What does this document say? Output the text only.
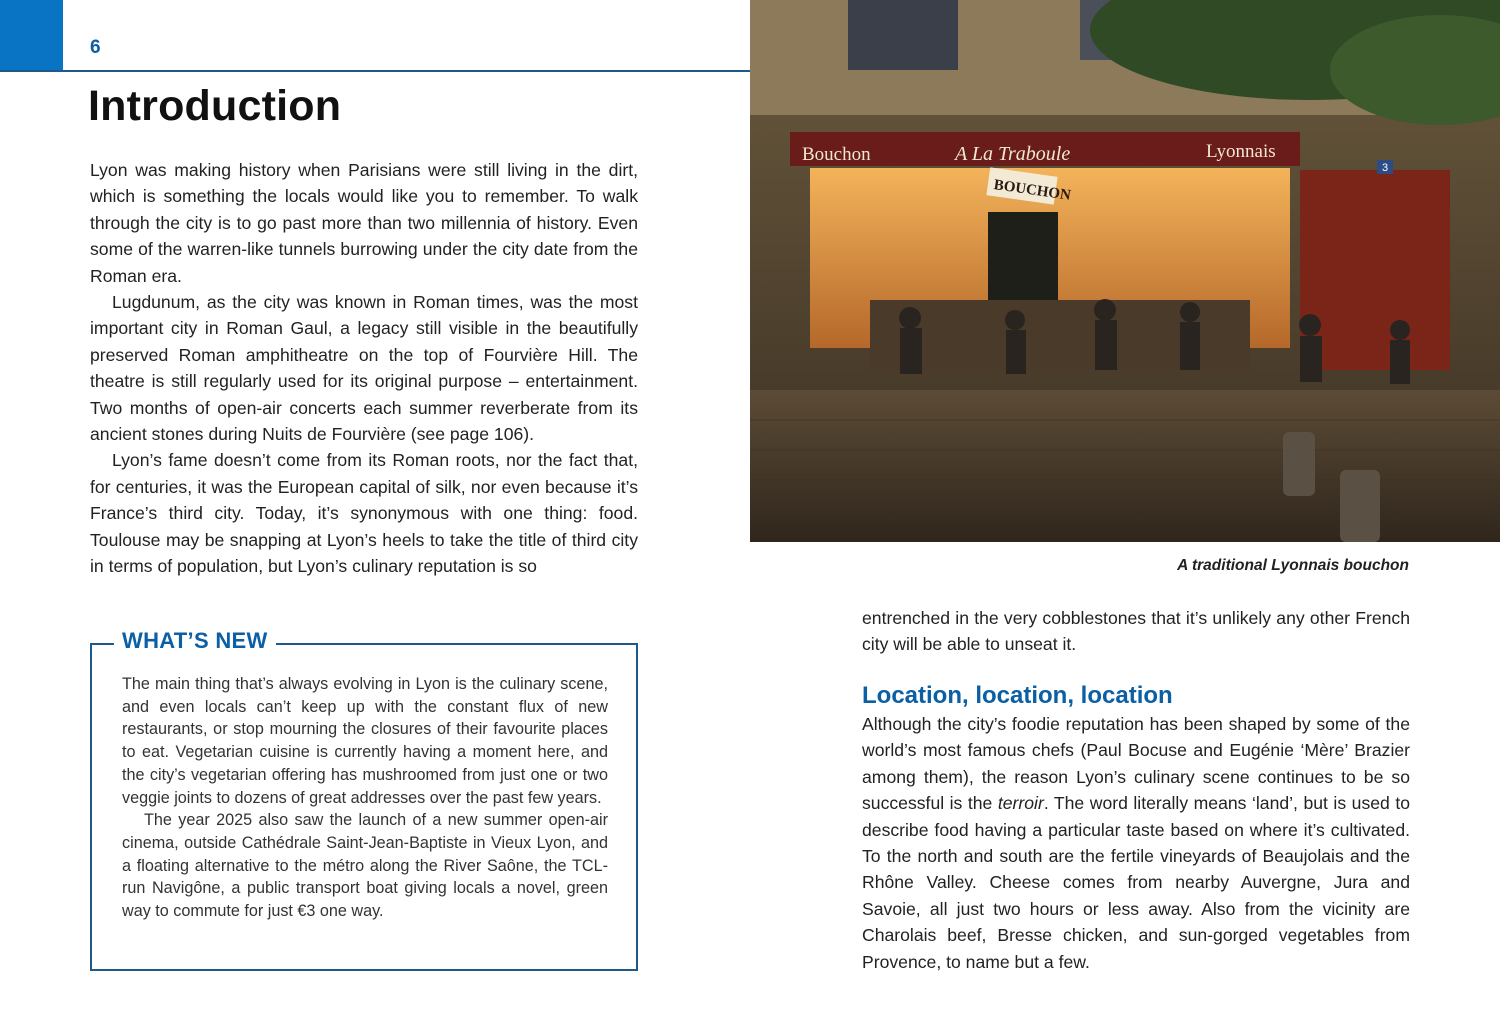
6
Introduction

Lyon was making history when Parisians were still living in the dirt, which is something the locals would like you to remember. To walk through the city is to go past more than two millennia of history. Even some of the warren-like tunnels burrowing under the city date from the Roman era.

Lugdunum, as the city was known in Roman times, was the most important city in Roman Gaul, a legacy still visible in the beautifully preserved Roman amphitheatre on the top of Fourvière Hill. The theatre is still regularly used for its original purpose – entertainment. Two months of open-air concerts each summer reverberate from its ancient stones during Nuits de Fourvière (see page 106).

Lyon’s fame doesn’t come from its Roman roots, nor the fact that, for centuries, it was the European capital of silk, nor even because it’s France’s third city. Today, it’s synonymous with one thing: food. Toulouse may be snapping at Lyon’s heels to take the title of third city in terms of population, but Lyon’s culinary reputation is so

WHAT’S NEW

The main thing that’s always evolving in Lyon is the culinary scene, and even locals can’t keep up with the constant flux of new restaurants, or stop mourning the closures of their favourite places to eat. Vegetarian cuisine is currently having a moment here, and the city’s vegetarian offering has mushroomed from just one or two veggie joints to dozens of great addresses over the past few years.

The year 2025 also saw the launch of a new summer open-air cinema, outside Cathédrale Saint-Jean-Baptiste in Vieux Lyon, and a floating alternative to the métro along the River Saône, the TCL-run Navigône, a public transport boat giving locals a novel, green way to commute for just €3 one way.

Bouchon	A La Traboule	Lyonnais
BOUCHON
3
A traditional Lyonnais bouchon

entrenched in the very cobblestones that it’s unlikely any other French city will be able to unseat it.

Location, location, location

Although the city’s foodie reputation has been shaped by some of the world’s most famous chefs (Paul Bocuse and Eugénie ‘Mère’ Brazier among them), the reason Lyon’s culinary scene continues to be so successful is the terroir. The word literally means ‘land’, but is used to describe food having a particular taste based on where it’s cultivated. To the north and south are the fertile vineyards of Beaujolais and the Rhône Valley. Cheese comes from nearby Auvergne, Jura and Savoie, all just two hours or less away. Also from the vicinity are Charolais beef, Bresse chicken, and sun-gorged vegetables from Provence, to name but a few.
